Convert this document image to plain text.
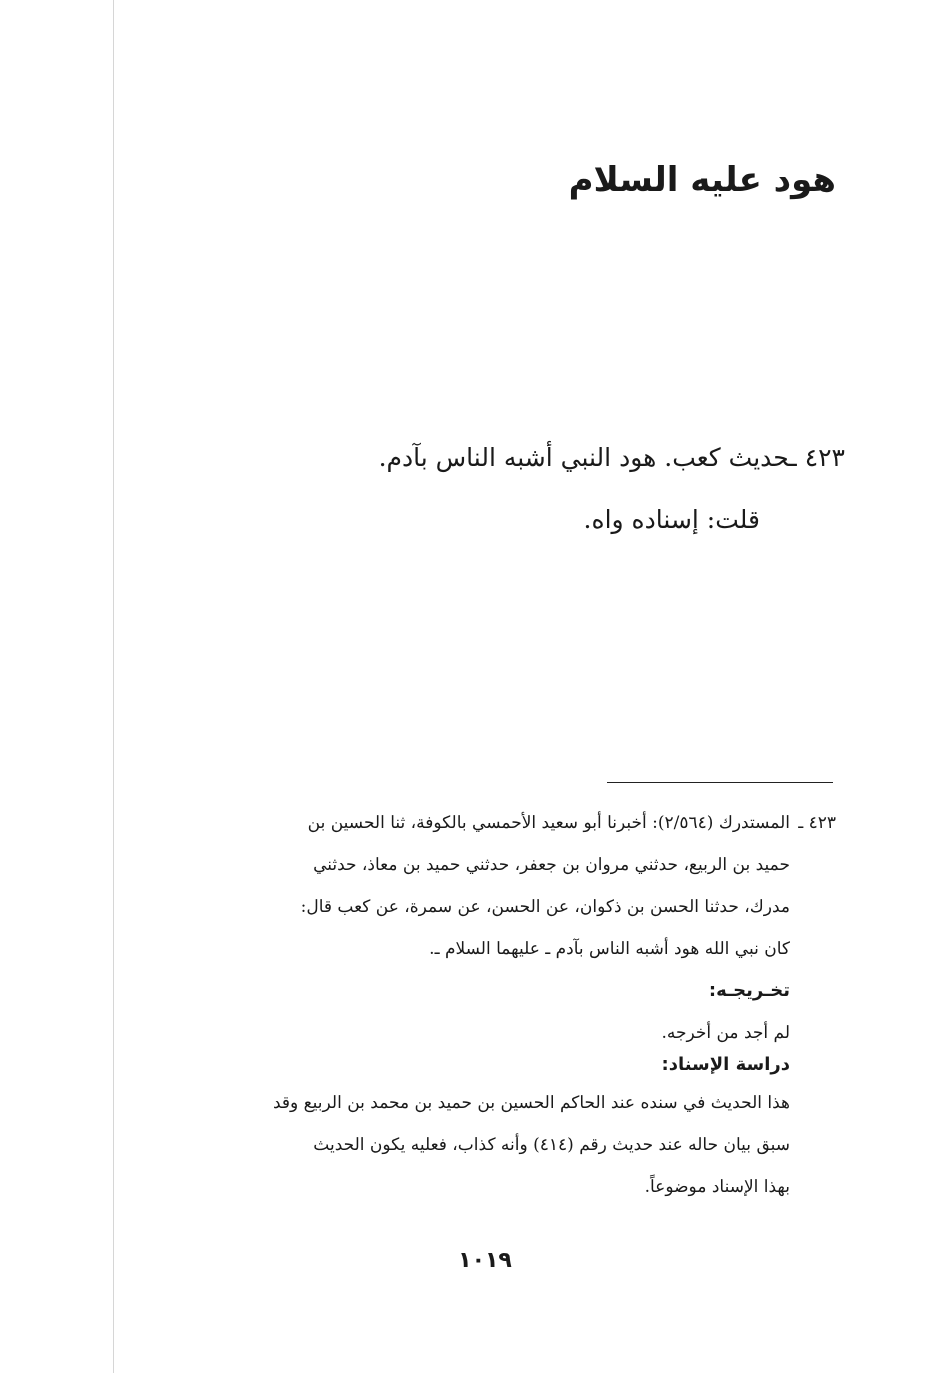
هود عليه السلام
٤٢٣ ـحديث كعب. هود النبي أشبه الناس بآدم.
قلت: إسناده واه.

٤٢٣ ـالمستدرك (٢/٥٦٤): أخبرنا أبو سعيد الأحمسي بالكوفة، ثنا الحسين بن

حميد بن الربيع، حدثني مروان بن جعفر، حدثني حميد بن معاذ، حدثني

مدرك، حدثنا الحسن بن ذكوان، عن الحسن، عن سمرة، عن كعب قال:

كان نبي الله هود أشبه الناس بآدم ـ عليهما السلام ـ.

تخـريجـه:

لم أجد من أخرجه.

دراسة الإسناد:

هذا الحديث في سنده عند الحاكم الحسين بن حميد بن محمد بن الربيع وقد

سبق بيان حاله عند حديث رقم (٤١٤) وأنه كذاب، فعليه يكون الحديث

بهذا الإسناد موضوعاً.

١٠١٩
